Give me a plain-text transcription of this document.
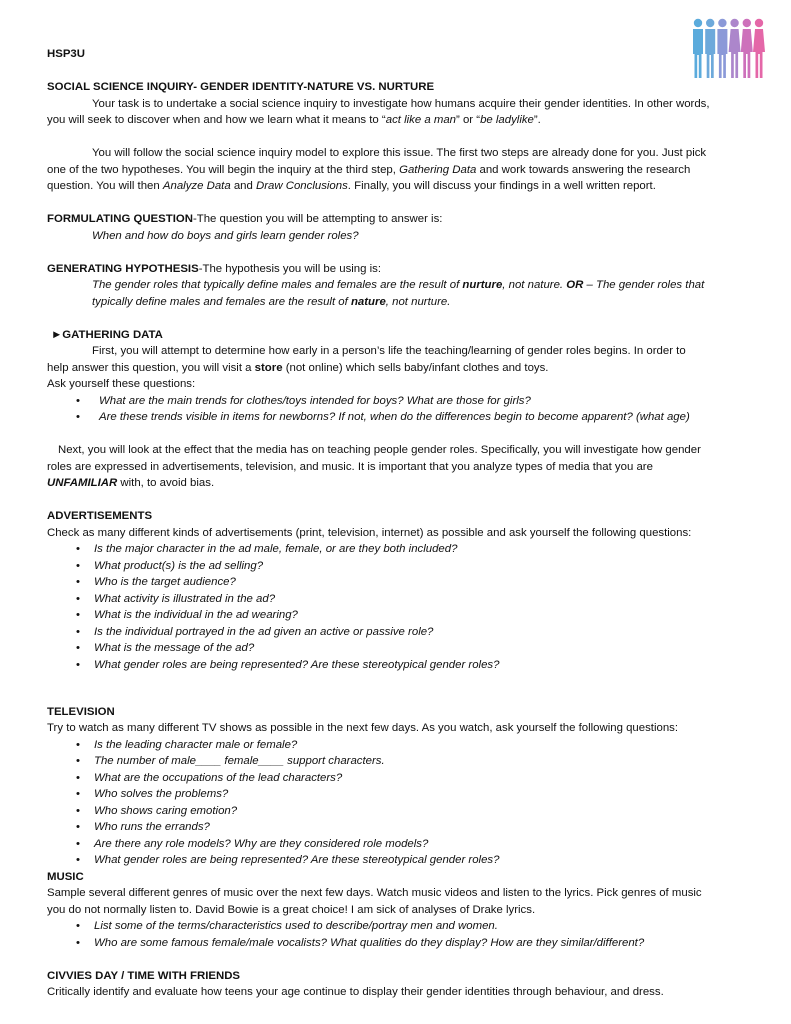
HSP3U
SOCIAL SCIENCE INQUIRY- GENDER IDENTITY-NATURE VS. NURTURE
Your task is to undertake a social science inquiry to investigate how humans acquire their gender identities. In other words,
you will seek to discover when and how we learn what it means to “act like a man” or “be ladylike”.
You will follow the social science inquiry model to explore this issue. The first two steps are already done for you. Just pick
one of the two hypotheses. You will begin the inquiry at the third step, Gathering Data and work towards answering the research
question. You will then Analyze Data and Draw Conclusions. Finally, you will discuss your findings in a well written report.
FORMULATING QUESTION-The question you will be attempting to answer is:
When and how do boys and girls learn gender roles?
GENERATING HYPOTHESIS-The hypothesis you will be using is:
The gender roles that typically define males and females are the result of nurture, not nature. OR – The gender roles that
typically define males and females are the result of nature, not nurture.
►GATHERING DATA
First, you will attempt to determine how early in a person’s life the teaching/learning of gender roles begins. In order to
help answer this question, you will visit a store (not online) which sells baby/infant clothes and toys.
Ask yourself these questions:
• What are the main trends for clothes/toys intended for boys? What are those for girls?
• Are these trends visible in items for newborns? If not, when do the differences begin to become apparent? (what age)
Next, you will look at the effect that the media has on teaching people gender roles. Specifically, you will investigate how gender
roles are expressed in advertisements, television, and music. It is important that you analyze types of media that you are
UNFAMILIAR with, to avoid bias.
ADVERTISEMENTS
Check as many different kinds of advertisements (print, television, internet) as possible and ask yourself the following questions:
• Is the major character in the ad male, female, or are they both included?
• What product(s) is the ad selling?
• Who is the target audience?
• What activity is illustrated in the ad?
• What is the individual in the ad wearing?
• Is the individual portrayed in the ad given an active or passive role?
• What is the message of the ad?
• What gender roles are being represented? Are these stereotypical gender roles?
TELEVISION
Try to watch as many different TV shows as possible in the next few days. As you watch, ask yourself the following questions:
• Is the leading character male or female?
• The number of male____ female____ support characters.
• What are the occupations of the lead characters?
• Who solves the problems?
• Who shows caring emotion?
• Who runs the errands?
• Are there any role models? Why are they considered role models?
• What gender roles are being represented? Are these stereotypical gender roles?
MUSIC
Sample several different genres of music over the next few days. Watch music videos and listen to the lyrics. Pick genres of music
you do not normally listen to. David Bowie is a great choice! I am sick of analyses of Drake lyrics.
• List some of the terms/characteristics used to describe/portray men and women.
• Who are some famous female/male vocalists? What qualities do they display? How are they similar/different?
CIVVIES DAY / TIME WITH FRIENDS
Critically identify and evaluate how teens your age continue to display their gender identities through behaviour, and dress.
